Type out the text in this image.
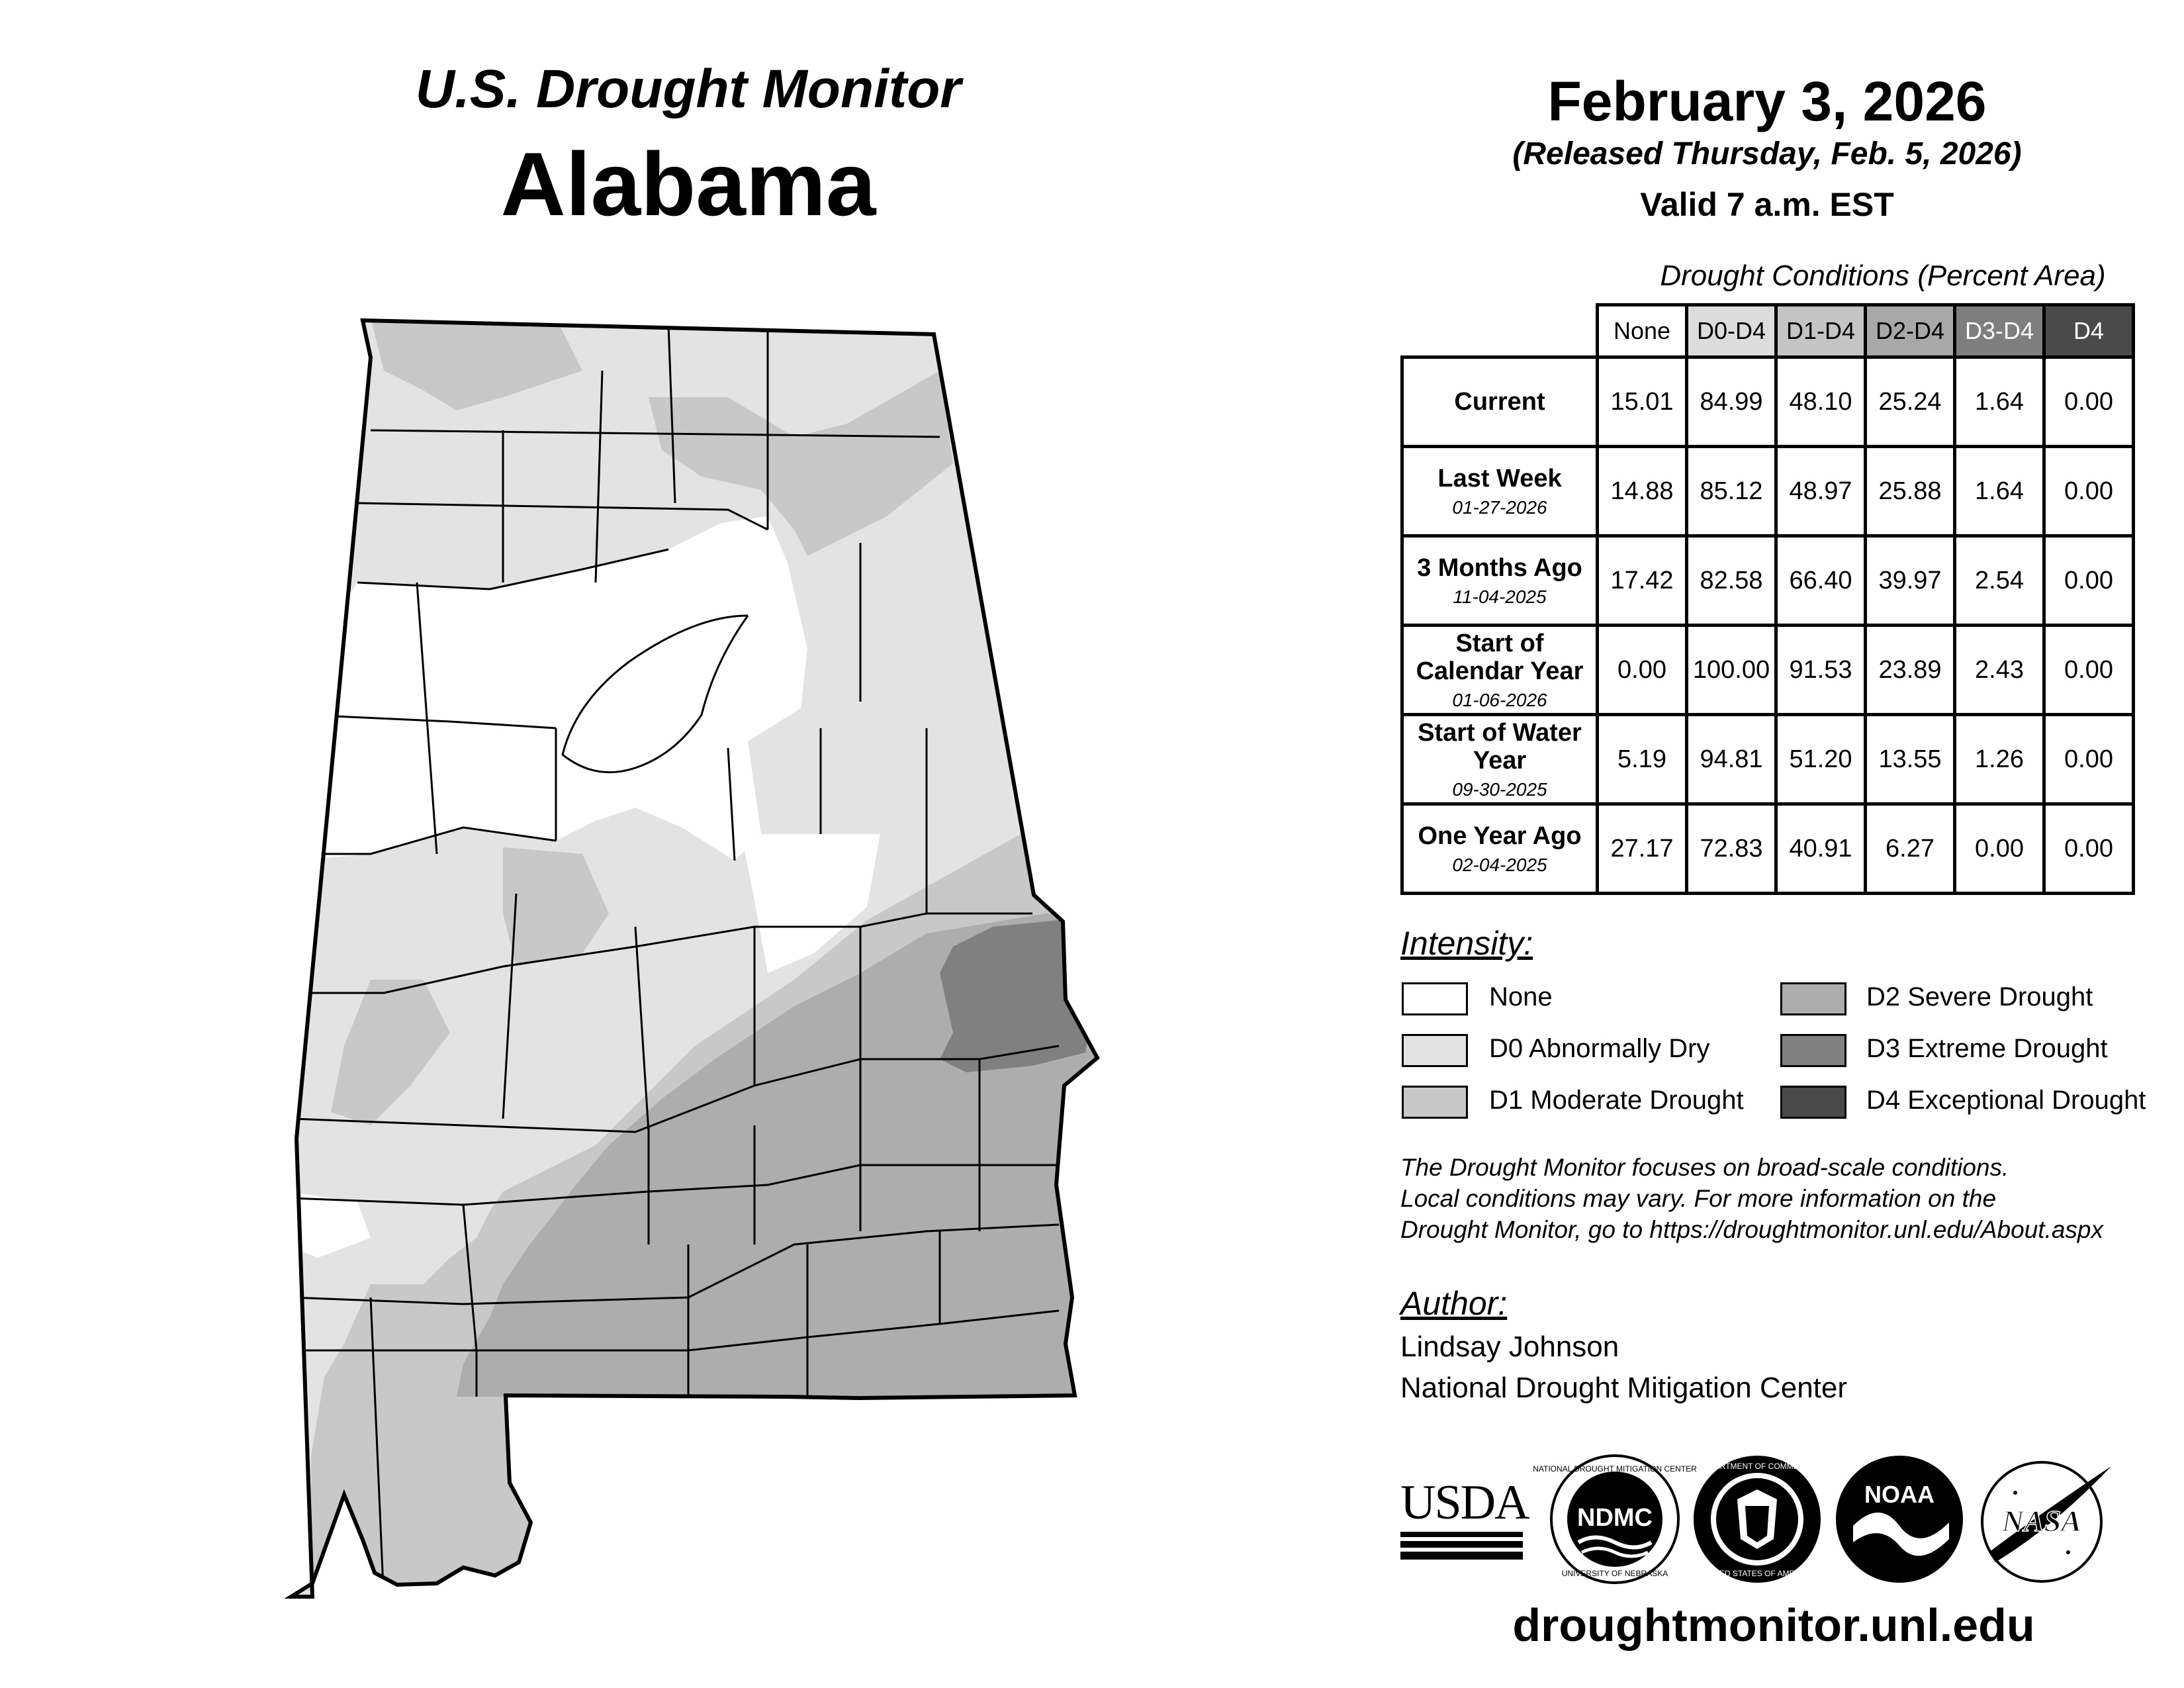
U.S. Drought Monitor
Alabama
February 3, 2026
(Released Thursday, Feb. 5, 2026)
Valid 7 a.m. EST
Drought Conditions (Percent Area)
	None	D0-D4	D1-D4	D2-D4	D3-D4	D4
Current	15.01	84.99	48.10	25.24	1.64	0.00
Last Week
01-27-2026	14.88	85.12	48.97	25.88	1.64	0.00
3 Months Ago
11-04-2025	17.42	82.58	66.40	39.97	2.54	0.00
Start of Calendar Year
01-06-2026	0.00	100.00	91.53	23.89	2.43	0.00
Start of Water Year
09-30-2025	5.19	94.81	51.20	13.55	1.26	0.00
One Year Ago
02-04-2025	27.17	72.83	40.91	6.27	0.00	0.00
Intensity:
None
D0 Abnormally Dry
D1 Moderate Drought
D2 Severe Drought
D3 Extreme Drought
D4 Exceptional Drought
The Drought Monitor focuses on broad-scale conditions.
Local conditions may vary. For more information on the
Drought Monitor, go to https://droughtmonitor.unl.edu/About.aspx
Author:
Lindsay Johnson
National Drought Mitigation Center
USDA
NATIONAL DROUGHT MITIGATION CENTER
UNIVERSITY OF NEBRASKA
NDMC
DEPARTMENT OF COMMERCE
UNITED STATES OF AMERICA
NOAA
NASA
droughtmonitor.unl.edu
